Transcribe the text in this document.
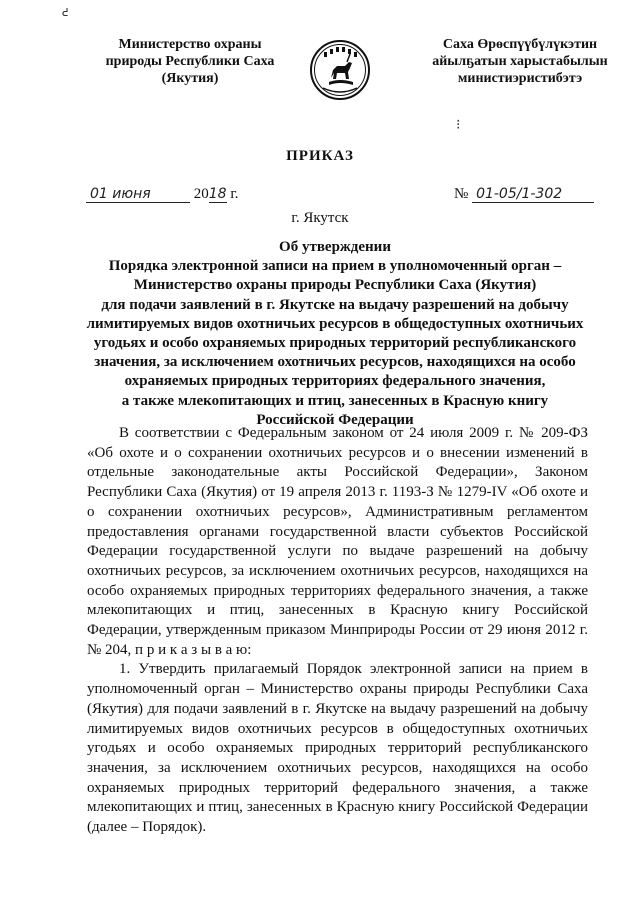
ᕍ
Министерство охраны
природы Республики Саха
(Якутия)
Саха Өрөспүүбүлүкэтин
айылҕатын харыстабылын
министиэристибэтэ
⁝
ПРИКАЗ
01 июня	2018 г.	№ 01-05/1-302
г. Якутск
Об утверждении
Порядка электронной записи на прием в уполномоченный орган –
Министерство охраны природы Республики Саха (Якутия)
для подачи заявлений в г. Якутске на выдачу разрешений на добычу
лимитируемых видов охотничьих ресурсов в общедоступных охотничьих
угодьях и особо охраняемых природных территорий республиканского
значения, за исключением охотничьих ресурсов, находящихся на особо
охраняемых природных территориях федерального значения,
а также млекопитающих и птиц, занесенных в Красную книгу
Российской Федерации

В соответствии с Федеральным законом от 24 июля 2009 г. № 209-ФЗ «Об охоте и о сохранении охотничьих ресурсов и о внесении изменений в отдельные законодательные акты Российской Федерации», Законом Республики Саха (Якутия) от 19 апреля 2013 г. 1193-З № 1279-IV «Об охоте и о сохранении охотничьих ресурсов», Административным регламентом предоставления органами государственной власти субъектов Российской Федерации государственной услуги по выдаче разрешений на добычу охотничьих ресурсов, за исключением охотничьих ресурсов, находящихся на особо охраняемых природных территориях федерального значения, а также млекопитающих и птиц, занесенных в Красную книгу Российской Федерации, утвержденным приказом Минприроды России от 29 июня 2012 г. № 204, п р и к а з ы в а ю:

1. Утвердить прилагаемый Порядок электронной записи на прием в уполномоченный орган – Министерство охраны природы Республики Саха (Якутия) для подачи заявлений в г. Якутске на выдачу разрешений на добычу лимитируемых видов охотничьих ресурсов в общедоступных охотничьих угодьях и особо охраняемых природных территорий республиканского значения, за исключением охотничьих ресурсов, находящихся на особо охраняемых природных территорий федерального значения, а также млекопитающих и птиц, занесенных в Красную книгу Российской Федерации (далее – Порядок).
